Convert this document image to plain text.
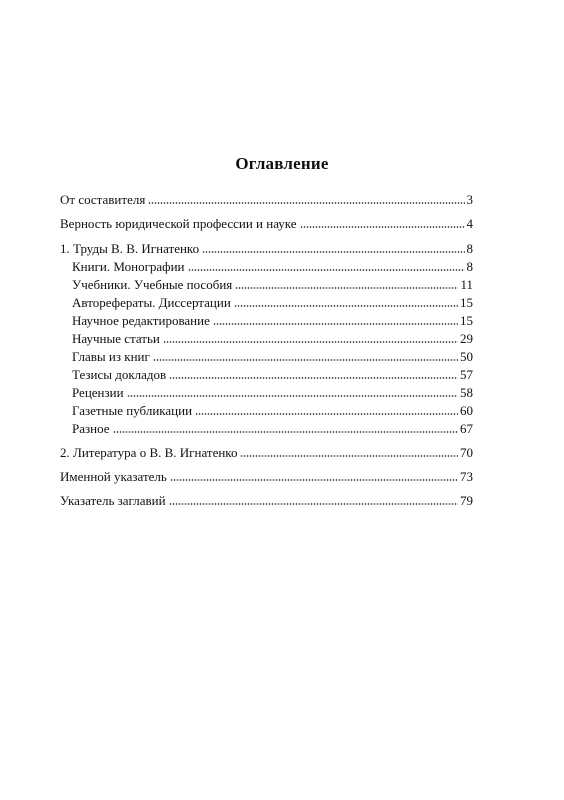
Оглавление
От составителя	3
Верность юридической профессии и науке	4
1. Труды В. В. Игнатенко	8
Книги. Монографии	8
Учебники. Учебные пособия	11
Авторефераты. Диссертации	15
Научное редактирование	15
Научные статьи	29
Главы из книг	50
Тезисы докладов	57
Рецензии	58
Газетные публикации	60
Разное	67
2. Литература о В. В. Игнатенко	70
Именной указатель	73
Указатель заглавий	79
